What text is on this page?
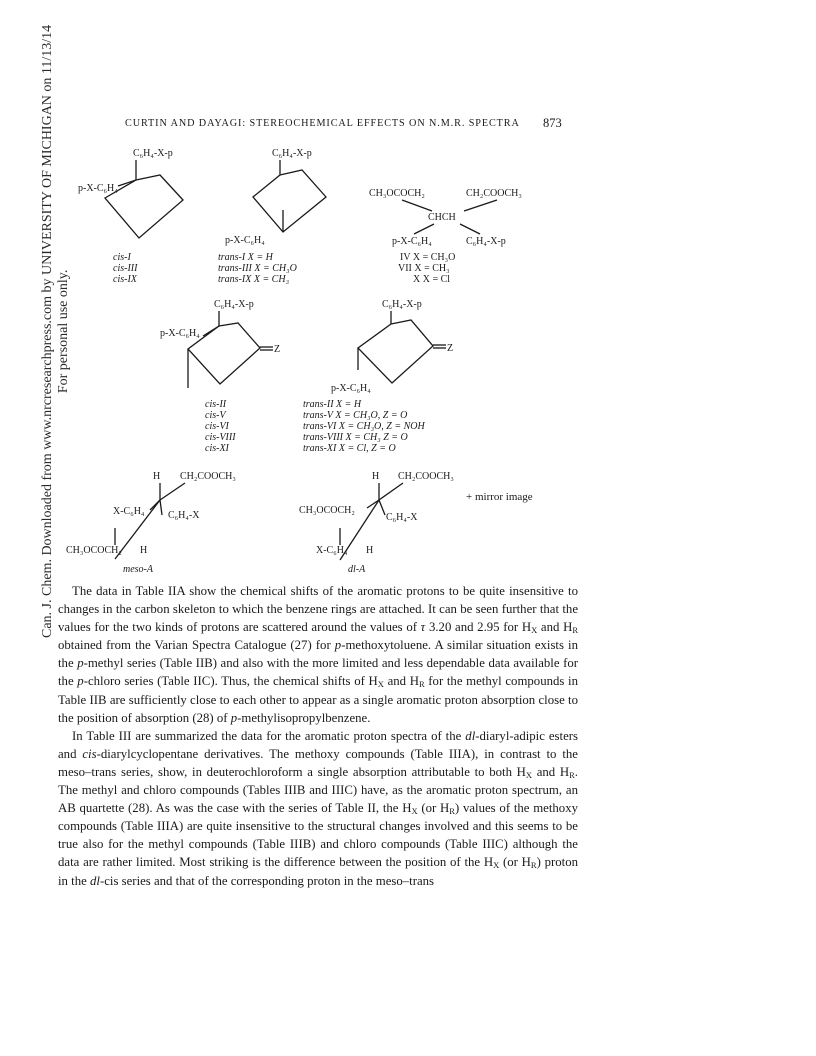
CURTIN AND DAYAGI: STEREOCHEMICAL EFFECTS ON N.M.R. SPECTRA	873
Can. J. Chem. Downloaded from www.nrcresearchpress.com by UNIVERSITY OF MICHIGAN on 11/13/14 For personal use only.
C₆H₄-X-p
p-X-C₆H₄
cis-I
cis-III
cis-IX
C₆H₄-X-p
p-X-C₆H₄
trans-I X = H
trans-III X = CH₃O
trans-IX X = CH₃
CH₃OCOCH₂	CH₂COOCH₃
CHCH
p-X-C₆H₄	C₆H₄-X-p
IV X = CH₃O
VII X = CH₃
X X = Cl
C₆H₄-X-p
p-X-C₆H₄
Z
cis-II
cis-V
cis-VI
cis-VIII
cis-XI
C₆H₄-X-p
Z
p-X-C₆H₄
trans-II X = H
trans-V X = CH₃O, Z = O
trans-VI X = CH₃O, Z = NOH
trans-VIII X = CH₃ Z = O
trans-XI X = Cl, Z = O
H CH₂COOCH₃
X-C₆H₄ C₆H₄-X
CH₃OCOCH₂ H
meso-A
H CH₂COOCH₃
CH₃OCOCH₂
C₆H₄-X
X-C₆H₄ H
dl-A
+ mirror image

The data in Table IIA show the chemical shifts of the aromatic protons to be quite insensitive to changes in the carbon skeleton to which the benzene rings are attached. It can be seen further that the values for the two kinds of protons are scattered around the values of τ 3.20 and 2.95 for $H_X$ and $H_R$ obtained from the Varian Spectra Catalogue (27) for p-methoxytoluene. A similar situation exists in the p-methyl series (Table IIB) and also with the more limited and less dependable data available for the p-chloro series (Table IIC). Thus, the chemical shifts of $H_X$ and $H_R$ for the methyl compounds in Table IIB are sufficiently close to each other to appear as a single aromatic proton absorption close to the position of absorption (28) of p-methylisopropylbenzene.

In Table III are summarized the data for the aromatic proton spectra of the dl-diaryl-adipic esters and cis-diarylcyclopentane derivatives. The methoxy compounds (Table IIIA), in contrast to the meso–trans series, show, in deuterochloroform a single absorption attributable to both $H_X$ and $H_R$. The methyl and chloro compounds (Tables IIIB and IIIC) have, as the aromatic proton spectrum, an AB quartette (28). As was the case with the series of Table II, the $H_X$ (or $H_R$) values of the methoxy compounds (Table IIIA) are quite insensitive to the structural changes involved and this seems to be true also for the methyl compounds (Table IIIB) and chloro compounds (Table IIIC) although the data are rather limited. Most striking is the difference between the position of the $H_X$ (or $H_R$) proton in the dl-cis series and that of the corresponding proton in the meso–trans
